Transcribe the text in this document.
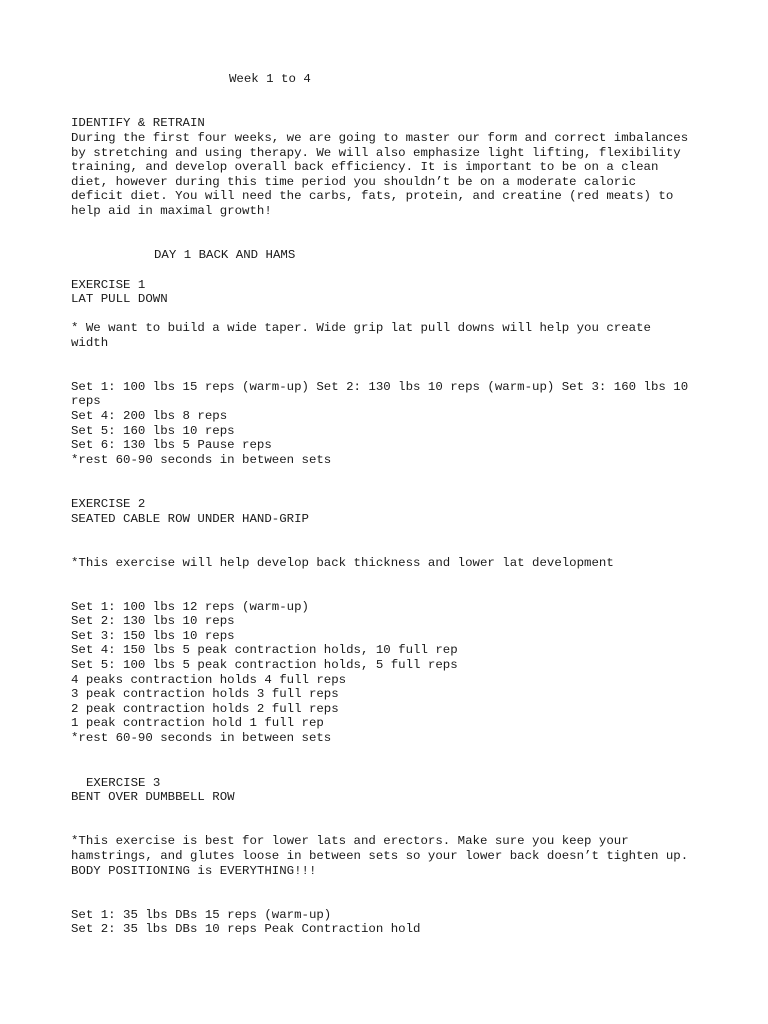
Week 1 to 4
IDENTIFY & RETRAIN
During the first four weeks, we are going to master our form and correct imbalances
by stretching and using therapy. We will also emphasize light lifting, flexibility
training, and develop overall back efficiency. It is important to be on a clean
diet, however during this time period you shouldn’t be on a moderate caloric
deficit diet. You will need the carbs, fats, protein, and creatine (red meats) to
help aid in maximal growth!
DAY 1 BACK AND HAMS
EXERCISE 1
LAT PULL DOWN
* We want to build a wide taper. Wide grip lat pull downs will help you create
width
Set 1: 100 lbs 15 reps (warm-up) Set 2: 130 lbs 10 reps (warm-up) Set 3: 160 lbs 10
reps
Set 4: 200 lbs 8 reps
Set 5: 160 lbs 10 reps
Set 6: 130 lbs 5 Pause reps
*rest 60-90 seconds in between sets
EXERCISE 2
SEATED CABLE ROW UNDER HAND-GRIP
*This exercise will help develop back thickness and lower lat development
Set 1: 100 lbs 12 reps (warm-up)
Set 2: 130 lbs 10 reps
Set 3: 150 lbs 10 reps
Set 4: 150 lbs 5 peak contraction holds, 10 full rep
Set 5: 100 lbs 5 peak contraction holds, 5 full reps
4 peaks contraction holds 4 full reps
3 peak contraction holds 3 full reps
2 peak contraction holds 2 full reps
1 peak contraction hold 1 full rep
*rest 60-90 seconds in between sets
EXERCISE 3
BENT OVER DUMBBELL ROW
*This exercise is best for lower lats and erectors. Make sure you keep your
hamstrings, and glutes loose in between sets so your lower back doesn’t tighten up.
BODY POSITIONING is EVERYTHING!!!
Set 1: 35 lbs DBs 15 reps (warm-up)
Set 2: 35 lbs DBs 10 reps Peak Contraction hold
